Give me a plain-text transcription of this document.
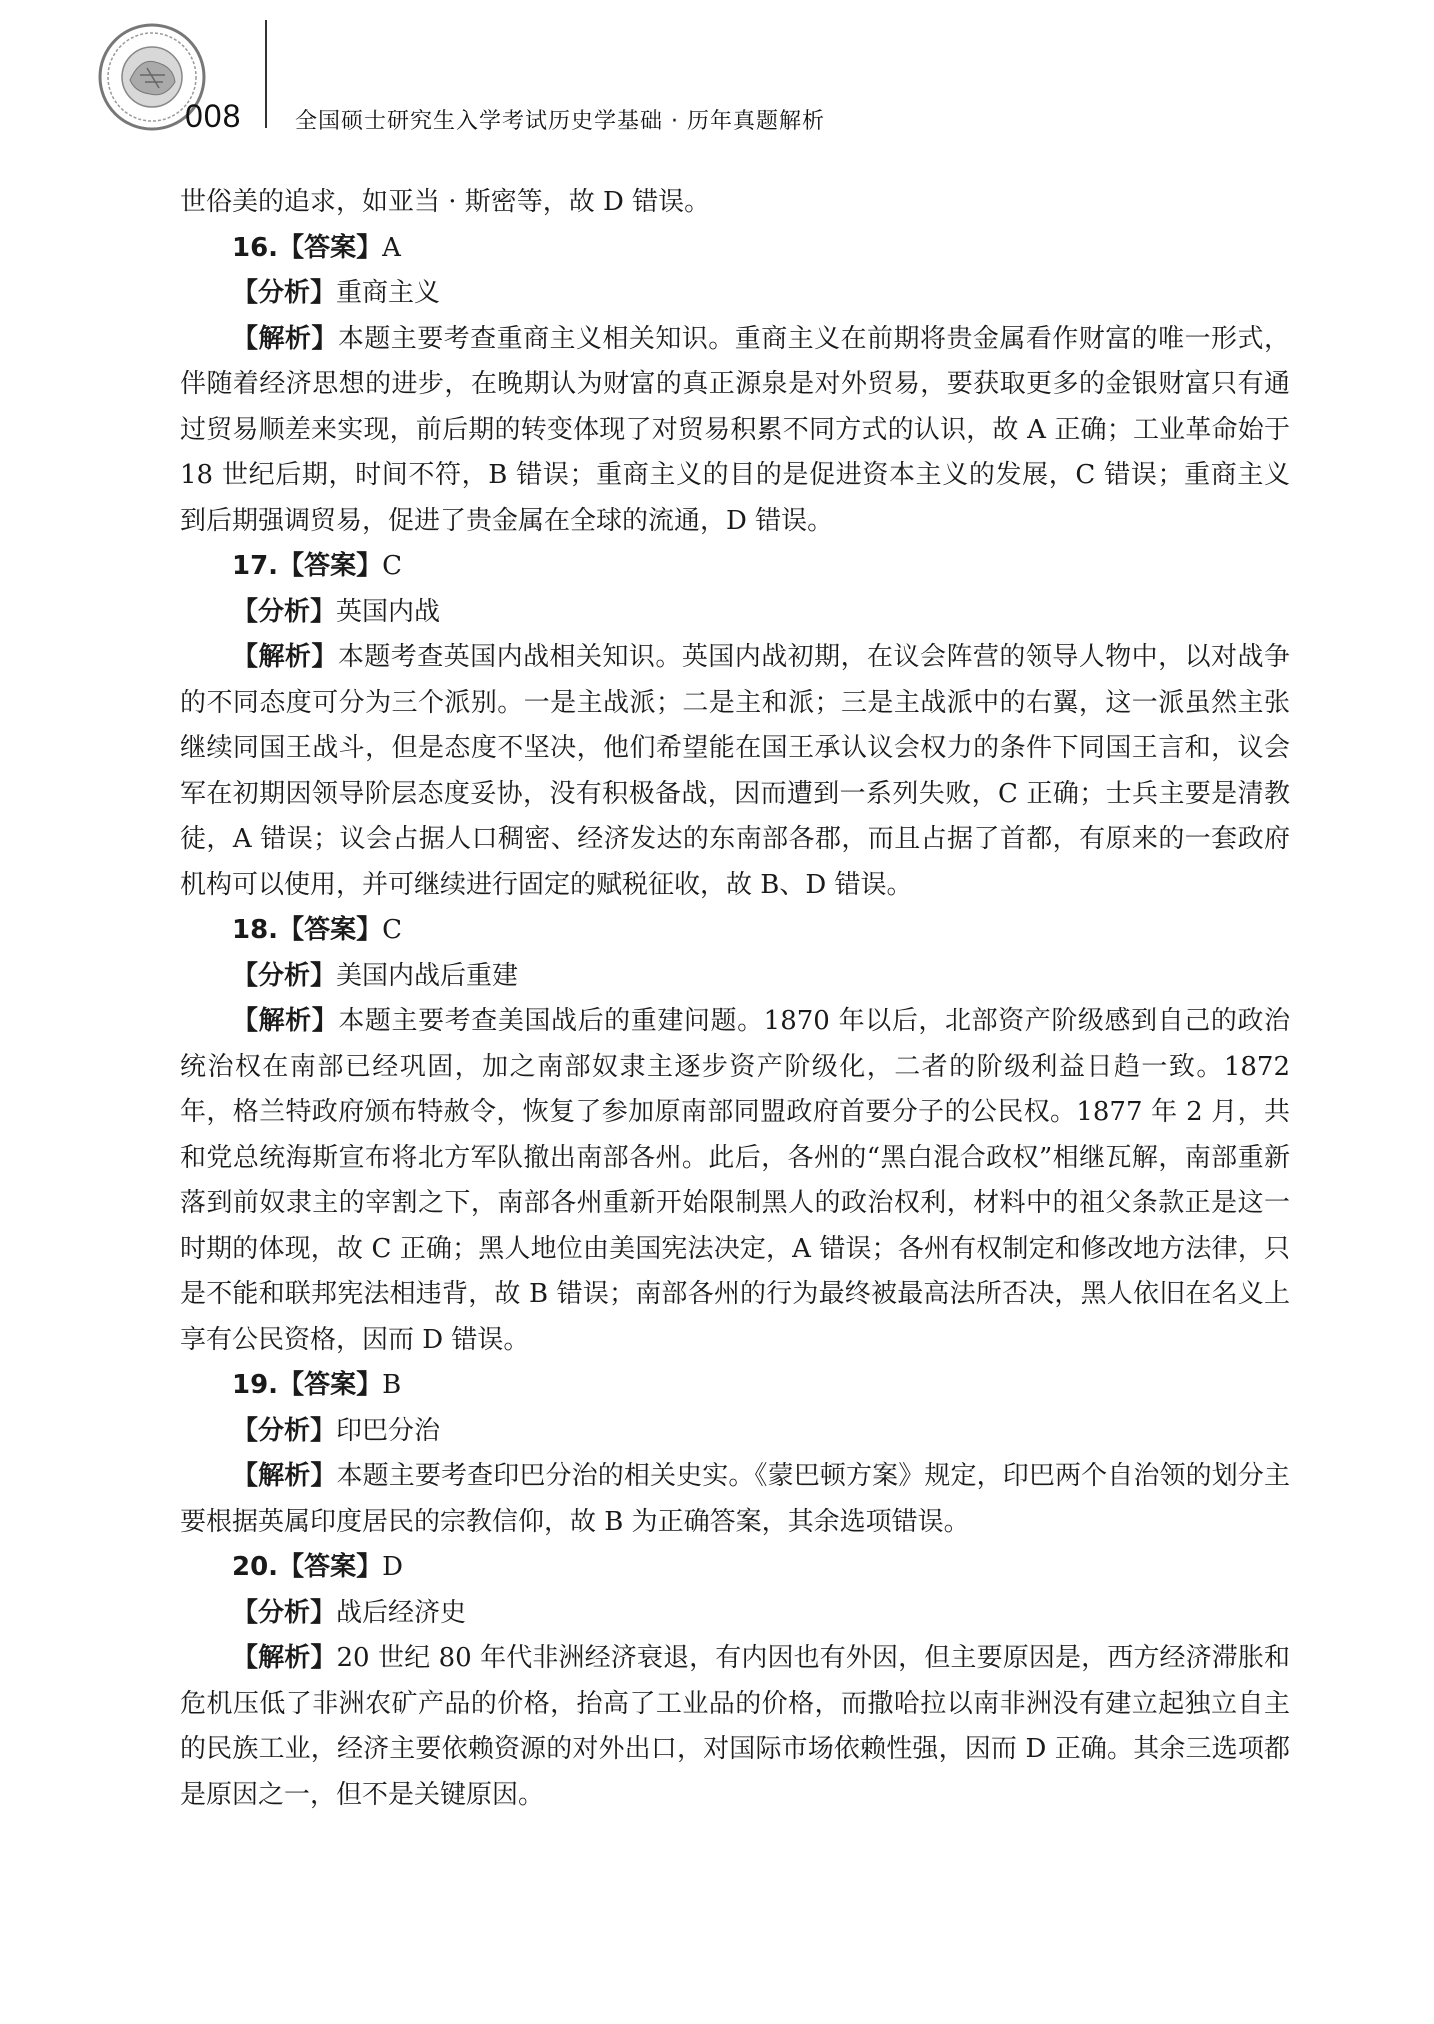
008 全国硕士研究生入学考试历史学基础 · 历年真题解析

世俗美的追求，如亚当 · 斯密等，故 D 错误。

16.【答案】A

【分析】重商主义

【解析】本题主要考查重商主义相关知识。重商主义在前期将贵金属看作财富的唯一形式，伴随着经济思想的进步，在晚期认为财富的真正源泉是对外贸易，要获取更多的金银财富只有通过贸易顺差来实现，前后期的转变体现了对贸易积累不同方式的认识，故 A 正确；工业革命始于 18 世纪后期，时间不符，B 错误；重商主义的目的是促进资本主义的发展，C 错误；重商主义到后期强调贸易，促进了贵金属在全球的流通，D 错误。

17.【答案】C

【分析】英国内战

【解析】本题考查英国内战相关知识。英国内战初期，在议会阵营的领导人物中，以对战争的不同态度可分为三个派别。一是主战派；二是主和派；三是主战派中的右翼，这一派虽然主张继续同国王战斗，但是态度不坚决，他们希望能在国王承认议会权力的条件下同国王言和，议会军在初期因领导阶层态度妥协，没有积极备战，因而遭到一系列失败，C 正确；士兵主要是清教徒，A 错误；议会占据人口稠密、经济发达的东南部各郡，而且占据了首都，有原来的一套政府机构可以使用，并可继续进行固定的赋税征收，故 B、D 错误。

18.【答案】C

【分析】美国内战后重建

【解析】本题主要考查美国战后的重建问题。1870 年以后，北部资产阶级感到自己的政治统治权在南部已经巩固，加之南部奴隶主逐步资产阶级化，二者的阶级利益日趋一致。1872 年，格兰特政府颁布特赦令，恢复了参加原南部同盟政府首要分子的公民权。1877 年 2 月，共和党总统海斯宣布将北方军队撤出南部各州。此后，各州的“黑白混合政权”相继瓦解，南部重新落到前奴隶主的宰割之下，南部各州重新开始限制黑人的政治权利，材料中的祖父条款正是这一时期的体现，故 C 正确；黑人地位由美国宪法决定，A 错误；各州有权制定和修改地方法律，只是不能和联邦宪法相违背，故 B 错误；南部各州的行为最终被最高法所否决，黑人依旧在名义上享有公民资格，因而 D 错误。

19.【答案】B

【分析】印巴分治

【解析】本题主要考查印巴分治的相关史实。《蒙巴顿方案》规定，印巴两个自治领的划分主要根据英属印度居民的宗教信仰，故 B 为正确答案，其余选项错误。

20.【答案】D

【分析】战后经济史

【解析】20 世纪 80 年代非洲经济衰退，有内因也有外因，但主要原因是，西方经济滞胀和危机压低了非洲农矿产品的价格，抬高了工业品的价格，而撒哈拉以南非洲没有建立起独立自主的民族工业，经济主要依赖资源的对外出口，对国际市场依赖性强，因而 D 正确。其余三选项都是原因之一，但不是关键原因。
